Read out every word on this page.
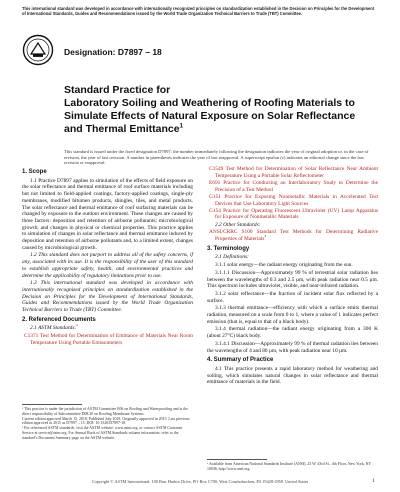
This international standard was developed in accordance with internationally recognized principles on standardization established in the Decision on Principles for the Development of International Standards, Guides and Recommendations issued by the World Trade Organization Technical Barriers to Trade (TBT) Committee.
Designation: D7897 – 18
Standard Practice for
Laboratory Soiling and Weathering of Roofing Materials to
Simulate Effects of Natural Exposure on Solar Reflectance
and Thermal Emittance$^1$
This standard is issued under the fixed designation D7897; the number immediately following the designation indicates the year of original adoption or, in the case of revision, the year of last revision. A number in parentheses indicates the year of last reapproval. A superscript epsilon (ε) indicates an editorial change since the last revision or reapproval.
1. Scope
1.1 Practice D7897 applies to simulation of the effects of field exposure on the solar reflectance and thermal emittance of roof surface materials including but not limited to field-applied coatings, factory-applied coatings, single-ply membranes, modified bitumen products, shingles, tiles, and metal products. The solar reflectance and thermal emittance of roof surfacing materials can be changed by exposure to the outdoor environment. These changes are caused by three factors: deposition and retention of airborne pollutants; microbiological growth; and changes in physical or chemical properties. This practice applies to simulation of changes in solar reflectance and thermal emittance induced by deposition and retention of airborne pollutants and, to a limited extent, changes caused by microbiological growth.
1.2 This standard does not purport to address all of the safety concerns, if any, associated with its use. It is the responsibility of the user of this standard to establish appropriate safety, health, and environmental practices and determine the applicability of regulatory limitations prior to use.
1.3 This international standard was developed in accordance with internationally recognized principles on standardization established in the Decision on Principles for the Development of International Standards, Guides and Recommendations issued by the World Trade Organization Technical Barriers to Trade (TBT) Committee.
2. Referenced Documents
2.1 ASTM Standards:$^2$
C1371 Test Method for Determination of Emittance of Materials Near Room Temperature Using Portable Emissometers
¹ This practice is under the jurisdiction of ASTM Committee E06 on Roofing and Waterproofing and is the direct responsibility of Subcommittee D08.20 on Roofing Membrane Systems.
Current edition approved March 15, 2018. Published July 2018. Originally approved in 2015. Last previous edition approved in 2015 as D7897 – 15. DOI: 10.1520/D7897-18.
² For referenced ASTM standards, visit the ASTM website, www.astm.org, or contact ASTM Customer Service at service@astm.org. For Annual Book of ASTM Standards volume information, refer to the standard's Document Summary page on the ASTM website.
C1549 Test Method for Determination of Solar Reflectance Near Ambient Temperature Using a Portable Solar Reflectometer
E691 Practice for Conducting an Interlaboratory Study to Determine the Precision of a Test Method
G151 Practice for Exposing Nonmetallic Materials in Accelerated Test Devices that Use Laboratory Light Sources
G154 Practice for Operating Fluorescent Ultraviolet (UV) Lamp Apparatus for Exposure of Nonmetallic Materials
2.2 Other Standards:
ANSI/CRRC S100 Standard Test Methods for Determining Radiative Properties of Materials$^3$
3. Terminology
3.1 Definitions:
3.1.1 solar energy—the radiant energy originating from the sun.
3.1.1.1 Discussion—Approximately 99 % of terrestrial solar radiation lies between the wavelengths of 0.3 and 2.5 μm, with peak radiation near 0.5 μm. This spectrum includes ultraviolet, visible, and near-infrared radiation.
3.1.2 solar reflectance—the fraction of incident solar flux reflected by a surface.
3.1.3 thermal emittance—efficiency with which a surface emits thermal radiation, measured on a scale from 0 to 1, where a value of 1 indicates perfect emission (that is, equal to that of a black body).
3.1.4 thermal radiation—the radiant energy originating from a 300 K (about 27°C) black body.
3.1.4.1 Discussion—Approximately 99 % of thermal radiation lies between the wavelengths of 4 and 80 μm, with peak radiation near 10 μm.
4. Summary of Practice
4.1 This practice presents a rapid laboratory method for weathering and soiling, which simulates natural changes in solar reflectance and thermal emittance of materials in the field.
³ Available from American National Standards Institute (ANSI), 25 W. 43rd St., 4th Floor, New York, NY 10036, http://www.ansi.org.
Copyright © ASTM International, 100 Barr Harbor Drive, PO Box C700, West Conshohocken, PA 19428-2959. United States	1
